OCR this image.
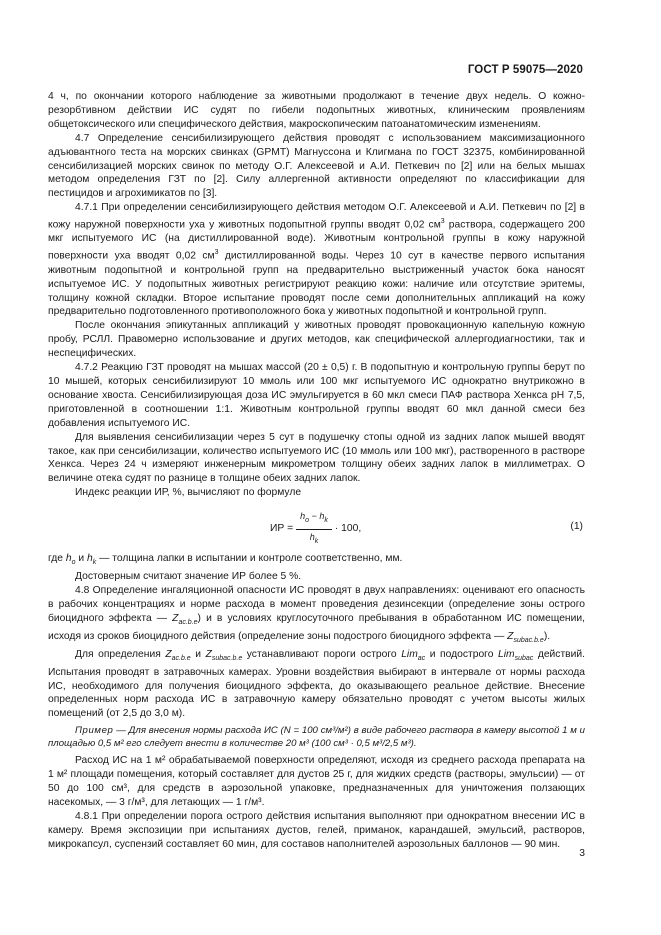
ГОСТ Р 59075—2020

4 ч, по окончании которого наблюдение за животными продолжают в течение двух недель. О кожно-резорбтивном действии ИС судят по гибели подопытных животных, клиническим проявлениям общетоксического или специфического действия, макроскопическим патоанатомическим изменениям.

4.7 Определение сенсибилизирующего действия проводят с использованием максимизационного адъювантного теста на морских свинках (GPMT) Магнуссона и Клигмана по ГОСТ 32375, комбинированной сенсибилизацией морских свинок по методу О.Г. Алексеевой и А.И. Петкевич по [2] или на белых мышах методом определения ГЗТ по [2]. Силу аллергенной активности определяют по классификации для пестицидов и агрохимикатов по [3].

4.7.1 При определении сенсибилизирующего действия методом О.Г. Алексеевой и А.И. Петкевич по [2] в кожу наружной поверхности уха у животных подопытной группы вводят 0,02 $см^3$ раствора, содержащего 200 мкг испытуемого ИС (на дистиллированной воде). Животным контрольной группы в кожу наружной поверхности уха вводят 0,02 $см^3$ дистиллированной воды. Через 10 сут в качестве первого испытания животным подопытной и контрольной групп на предварительно выстриженный участок бока наносят испытуемое ИС. У подопытных животных регистрируют реакцию кожи: наличие или отсутствие эритемы, толщину кожной складки. Второе испытание проводят после семи дополнительных аппликаций на кожу предварительно подготовленного противоположного бока у животных подопытной и контрольной групп.

После окончания эпикутанных аппликаций у животных проводят провокационную капельную кожную пробу, РСЛЛ. Правомерно использование и других методов, как специфической аллергодиагностики, так и неспецифических.

4.7.2 Реакцию ГЗТ проводят на мышах массой (20 ± 0,5) г. В подопытную и контрольную группы берут по 10 мышей, которых сенсибилизируют 10 ммоль или 100 мкг испытуемого ИС однократно внутрикожно в основание хвоста. Сенсибилизирующая доза ИС эмульгируется в 60 мкл смеси ПАФ раствора Хенкса pH 7,5, приготовленной в соотношении 1:1. Животным контрольной группы вводят 60 мкл данной смеси без добавления испытуемого ИС.

Для выявления сенсибилизации через 5 сут в подушечку стопы одной из задних лапок мышей вводят такое, как при сенсибилизации, количество испытуемого ИС (10 ммоль или 100 мкг), растворенного в растворе Хенкса. Через 24 ч измеряют инженерным микрометром толщину обеих задних лапок в миллиметрах. О величине отека судят по разнице в толщине обеих задних лапок.

Индекс реакции ИР, %, вычисляют по формуле

ИР = $\frac{h_o - h_k}{h_k} \cdot 100$,	(1)

где $h_o$ и $h_k$ — толщина лапки в испытании и контроле соответственно, мм.

Достоверным считают значение ИР более 5 %.

4.8 Определение ингаляционной опасности ИС проводят в двух направлениях: оценивают его опасность в рабочих концентрациях и норме расхода в момент проведения дезинсекции (определение зоны острого биоцидного эффекта — $Z_{ac.b.e}$) и в условиях круглосуточного пребывания в обработанном ИС помещении, исходя из сроков биоцидного действия (определение зоны подострого биоцидного эффекта — $Z_{subac.b.e}$).

Для определения $Z_{ac.b.e}$ и $Z_{subac.b.e}$ устанавливают пороги острого Lim$_{ac}$ и подострого Lim$_{subac}$ действий. Испытания проводят в затравочных камерах. Уровни воздействия выбирают в интервале от нормы расхода ИС, необходимого для получения биоцидного эффекта, до оказывающего реальное действие. Внесение определенных норм расхода ИС в затравочную камеру обязательно проводят с учетом высоты жилых помещений (от 2,5 до 3,0 м).

Пример — Для внесения нормы расхода ИС (N = 100 см³/м²) в виде рабочего раствора в камеру высотой 1 м и площадью 0,5 м² его следует внести в количестве 20 м³ (100 см³ · 0,5 м³/2,5 м³).

Расход ИС на 1 м² обрабатываемой поверхности определяют, исходя из среднего расхода препарата на 1 м² площади помещения, который составляет для дустов 25 г, для жидких средств (растворы, эмульсии) — от 50 до 100 см³, для средств в аэрозольной упаковке, предназначенных для уничтожения ползающих насекомых, — 3 г/м³, для летающих — 1 г/м³.

4.8.1 При определении порога острого действия испытания выполняют при однократном внесении ИС в камеру. Время экспозиции при испытаниях дустов, гелей, приманок, карандашей, эмульсий, растворов, микрокапсул, суспензий составляет 60 мин, для составов наполнителей аэрозольных баллонов — 90 мин.

3
